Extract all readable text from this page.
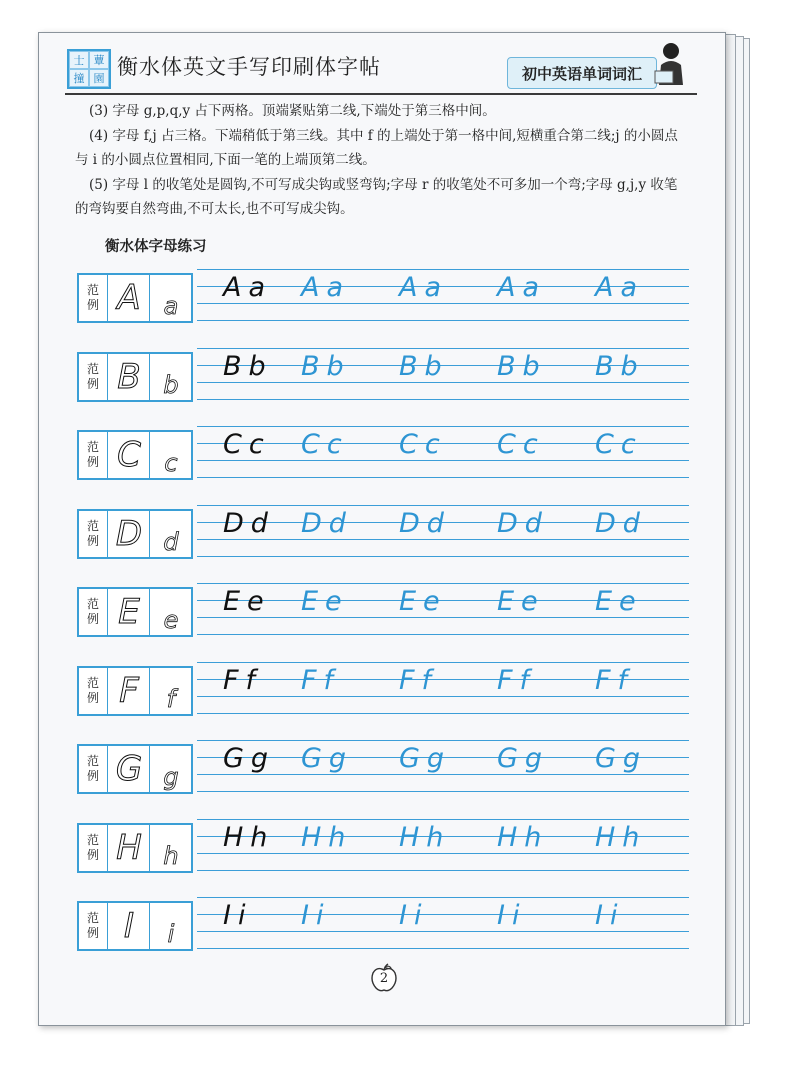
士 蕈
撞 園 衡水体英文手写印刷体字帖	初中英语单词词汇

(3) 字母 g,p,q,y 占下两格。顶端紧贴第二线,下端处于第三格中间。

(4) 字母 f,j 占三格。下端稍低于第三线。其中 f 的上端处于第一格中间,短横重合第二线;j 的小圆点与 i 的小圆点位置相同,下面一笔的上端顶第二线。

(5) 字母 l 的收笔处是圆钩,不可写成尖钩或竖弯钩;字母 r 的收笔处不可多加一个弯;字母 g,j,y 收笔的弯钩要自然弯曲,不可太长,也不可写成尖钩。

衡水体字母练习
范
例 A a
Aa Aa Aa Aa Aa
范
例 B b
Bb Bb Bb Bb Bb
范
例 C c
Cc Cc Cc Cc Cc
范
例 D d
Dd Dd Dd Dd Dd
范
例 E e
Ee Ee Ee Ee Ee
范
例 F f
Ff Ff Ff Ff Ff
范
例 G g
Gg Gg Gg Gg Gg
范
例 H h
Hh Hh Hh Hh Hh
范
例 I i
Ii Ii	Ii	Ii	Ii
2
